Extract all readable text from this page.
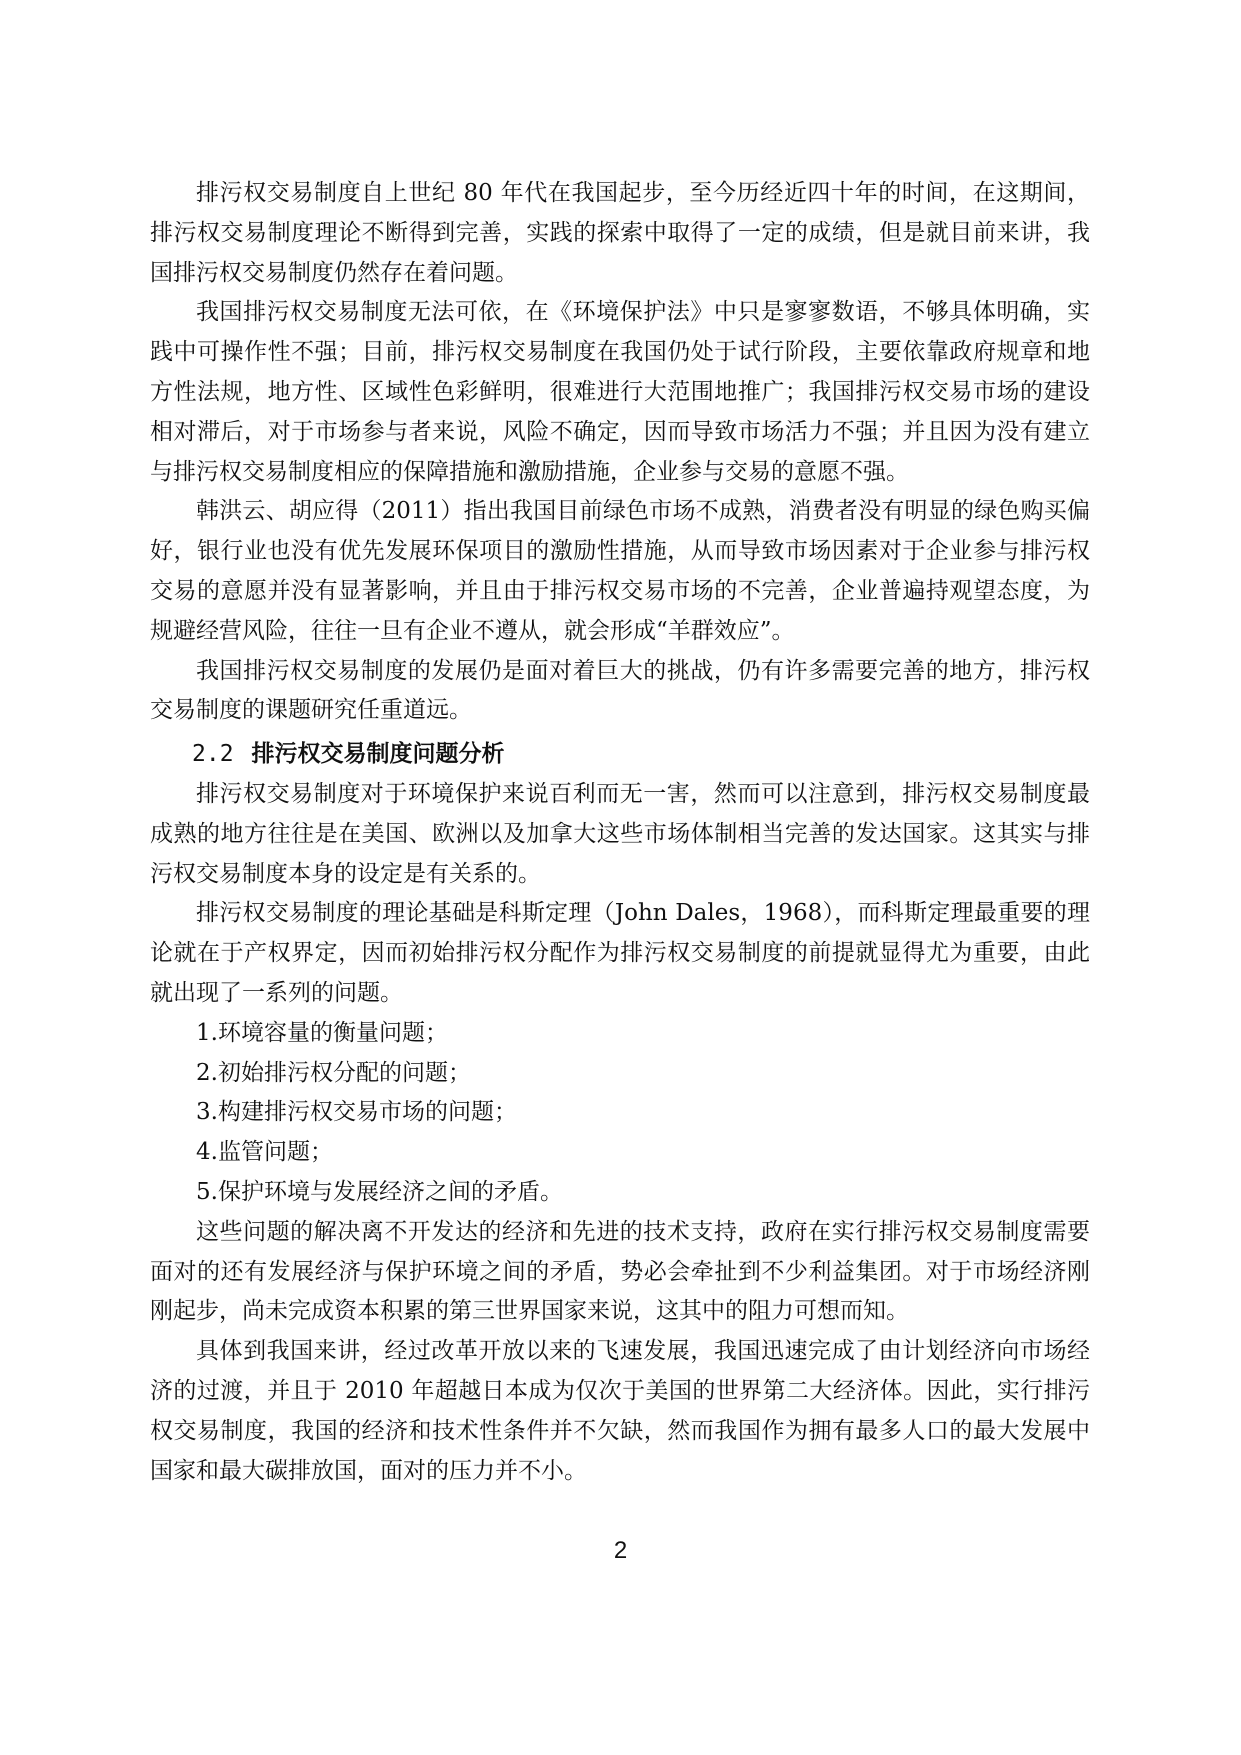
排污权交易制度自上世纪 80 年代在我国起步，至今历经近四十年的时间，在这期间，排污权交易制度理论不断得到完善，实践的探索中取得了一定的成绩，但是就目前来讲，我国排污权交易制度仍然存在着问题。

我国排污权交易制度无法可依，在《环境保护法》中只是寥寥数语，不够具体明确，实践中可操作性不强；目前，排污权交易制度在我国仍处于试行阶段，主要依靠政府规章和地方性法规，地方性、区域性色彩鲜明，很难进行大范围地推广；我国排污权交易市场的建设相对滞后，对于市场参与者来说，风险不确定，因而导致市场活力不强；并且因为没有建立与排污权交易制度相应的保障措施和激励措施，企业参与交易的意愿不强。

韩洪云、胡应得（2011）指出我国目前绿色市场不成熟，消费者没有明显的绿色购买偏好，银行业也没有优先发展环保项目的激励性措施，从而导致市场因素对于企业参与排污权交易的意愿并没有显著影响，并且由于排污权交易市场的不完善，企业普遍持观望态度，为规避经营风险，往往一旦有企业不遵从，就会形成“羊群效应”。

我国排污权交易制度的发展仍是面对着巨大的挑战，仍有许多需要完善的地方，排污权交易制度的课题研究任重道远。

2.2 排污权交易制度问题分析

排污权交易制度对于环境保护来说百利而无一害，然而可以注意到，排污权交易制度最成熟的地方往往是在美国、欧洲以及加拿大这些市场体制相当完善的发达国家。这其实与排污权交易制度本身的设定是有关系的。

排污权交易制度的理论基础是科斯定理（John Dales，1968），而科斯定理最重要的理论就在于产权界定，因而初始排污权分配作为排污权交易制度的前提就显得尤为重要，由此就出现了一系列的问题。

1.环境容量的衡量问题；
2.初始排污权分配的问题；
3.构建排污权交易市场的问题；
4.监管问题；
5.保护环境与发展经济之间的矛盾。

这些问题的解决离不开发达的经济和先进的技术支持，政府在实行排污权交易制度需要面对的还有发展经济与保护环境之间的矛盾，势必会牵扯到不少利益集团。对于市场经济刚刚起步，尚未完成资本积累的第三世界国家来说，这其中的阻力可想而知。

具体到我国来讲，经过改革开放以来的飞速发展，我国迅速完成了由计划经济向市场经济的过渡，并且于 2010 年超越日本成为仅次于美国的世界第二大经济体。因此，实行排污权交易制度，我国的经济和技术性条件并不欠缺，然而我国作为拥有最多人口的最大发展中国家和最大碳排放国，面对的压力并不小。

2
